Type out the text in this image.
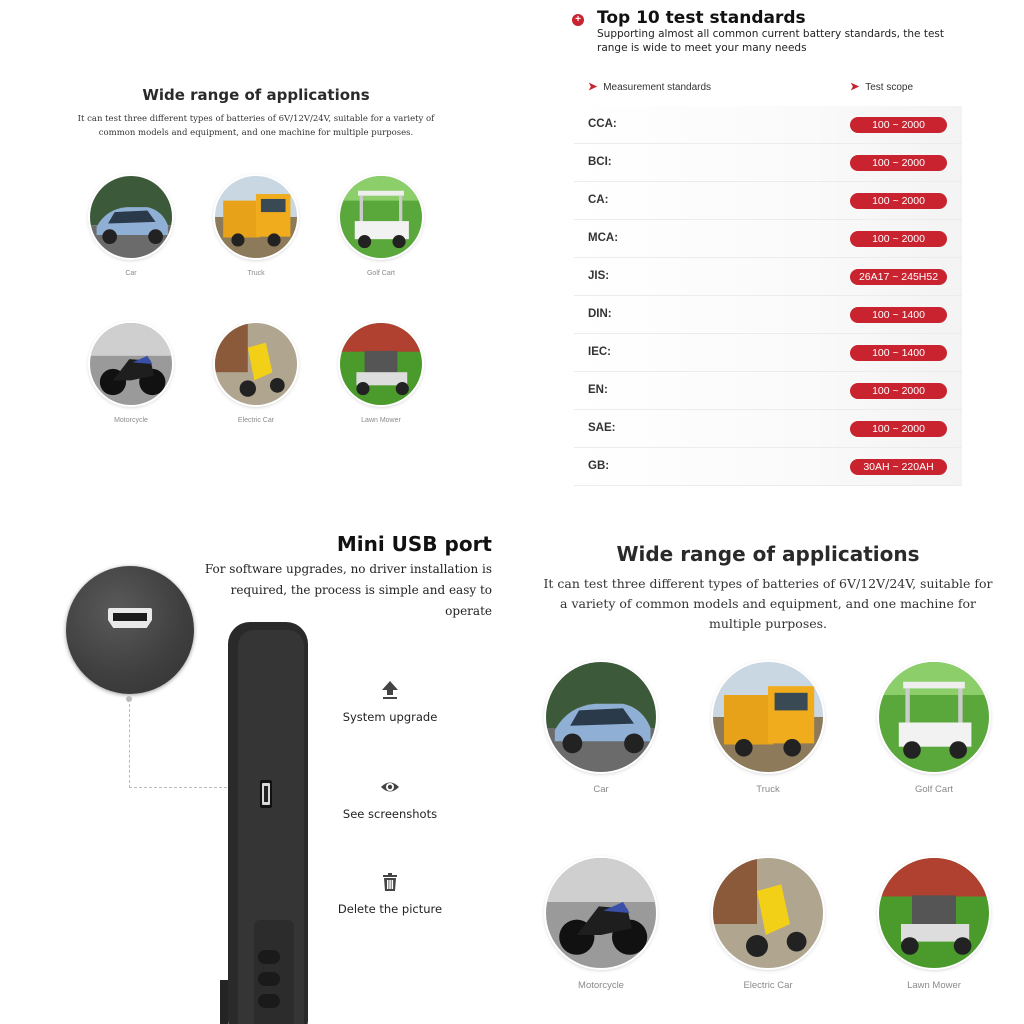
Wide range of applications

It can test three different types of batteries of 6V/12V/24V, suitable for a variety of common models and equipment, and one machine for multiple purposes.

Car	Truck	Golf Cart
Motorcycle	Electric Car	Lawn Mower
+ Top 10 test standards

Supporting almost all common current battery standards, the test range is wide to meet your many needs

➤ Measurement standards	➤ Test scope
CCA:	100 ~ 2000
BCI:	100 ~ 2000
CA:	100 ~ 2000
MCA:	100 ~ 2000
JIS:	26A17 ~ 245H52
DIN:	100 ~ 1400
IEC:	100 ~ 1400
EN:	100 ~ 2000
SAE:	100 ~ 2000
GB:	30AH ~ 220AH
Mini USB port

For software upgrades, no driver installation is required, the process is simple and easy to operate

System upgrade
See screenshots
Delete the picture
Wide range of applications

It can test three different types of batteries of 6V/12V/24V, suitable for a variety of common models and equipment, and one machine for multiple purposes.

Car	Truck	Golf Cart
Motorcycle	Electric Car	Lawn Mower
